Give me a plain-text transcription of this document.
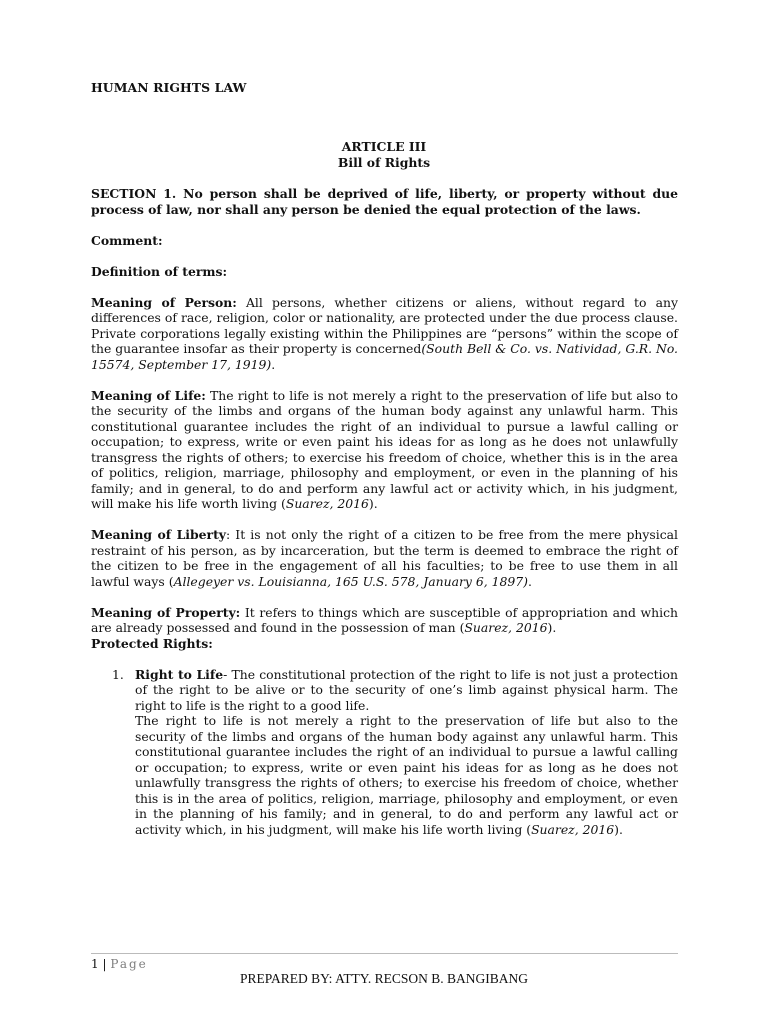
HUMAN RIGHTS LAW
ARTICLE III
Bill of Rights

SECTION 1. No person shall be deprived of life, liberty, or property without due process of law, nor shall any person be denied the equal protection of the laws.

Comment:

Definition of terms:

Meaning of Person: All persons, whether citizens or aliens, without regard to any differences of race, religion, color or nationality, are protected under the due process clause. Private corporations legally existing within the Philippines are “persons” within the scope of the guarantee insofar as their property is concerned(South Bell & Co. vs. Natividad, G.R. No. 15574, September 17, 1919).

Meaning of Life: The right to life is not merely a right to the preservation of life but also to the security of the limbs and organs of the human body against any unlawful harm. This constitutional guarantee includes the right of an individual to pursue a lawful calling or occupation; to express, write or even paint his ideas for as long as he does not unlawfully transgress the rights of others; to exercise his freedom of choice, whether this is in the area of politics, religion, marriage, philosophy and employment, or even in the planning of his family; and in general, to do and perform any lawful act or activity which, in his judgment, will make his life worth living (Suarez, 2016).

Meaning of Liberty: It is not only the right of a citizen to be free from the mere physical restraint of his person, as by incarceration, but the term is deemed to embrace the right of the citizen to be free in the engagement of all his faculties; to be free to use them in all lawful ways (Allegeyer vs. Louisianna, 165 U.S. 578, January 6, 1897).

Meaning of Property: It refers to things which are susceptible of appropriation and which are already possessed and found in the possession of man (Suarez, 2016).

Protected Rights:

1. Right to Life- The constitutional protection of the right to life is not just a protection of the right to be alive or to the security of one’s limb against physical harm. The right to life is the right to a good life.

The right to life is not merely a right to the preservation of life but also to the security of the limbs and organs of the human body against any unlawful harm. This constitutional guarantee includes the right of an individual to pursue a lawful calling or occupation; to express, write or even paint his ideas for as long as he does not unlawfully transgress the rights of others; to exercise his freedom of choice, whether this is in the area of politics, religion, marriage, philosophy and employment, or even in the planning of his family; and in general, to do and perform any lawful act or activity which, in his judgment, will make his life worth living (Suarez, 2016).

1 | Page
PREPARED BY: ATTY. RECSON B. BANGIBANG
